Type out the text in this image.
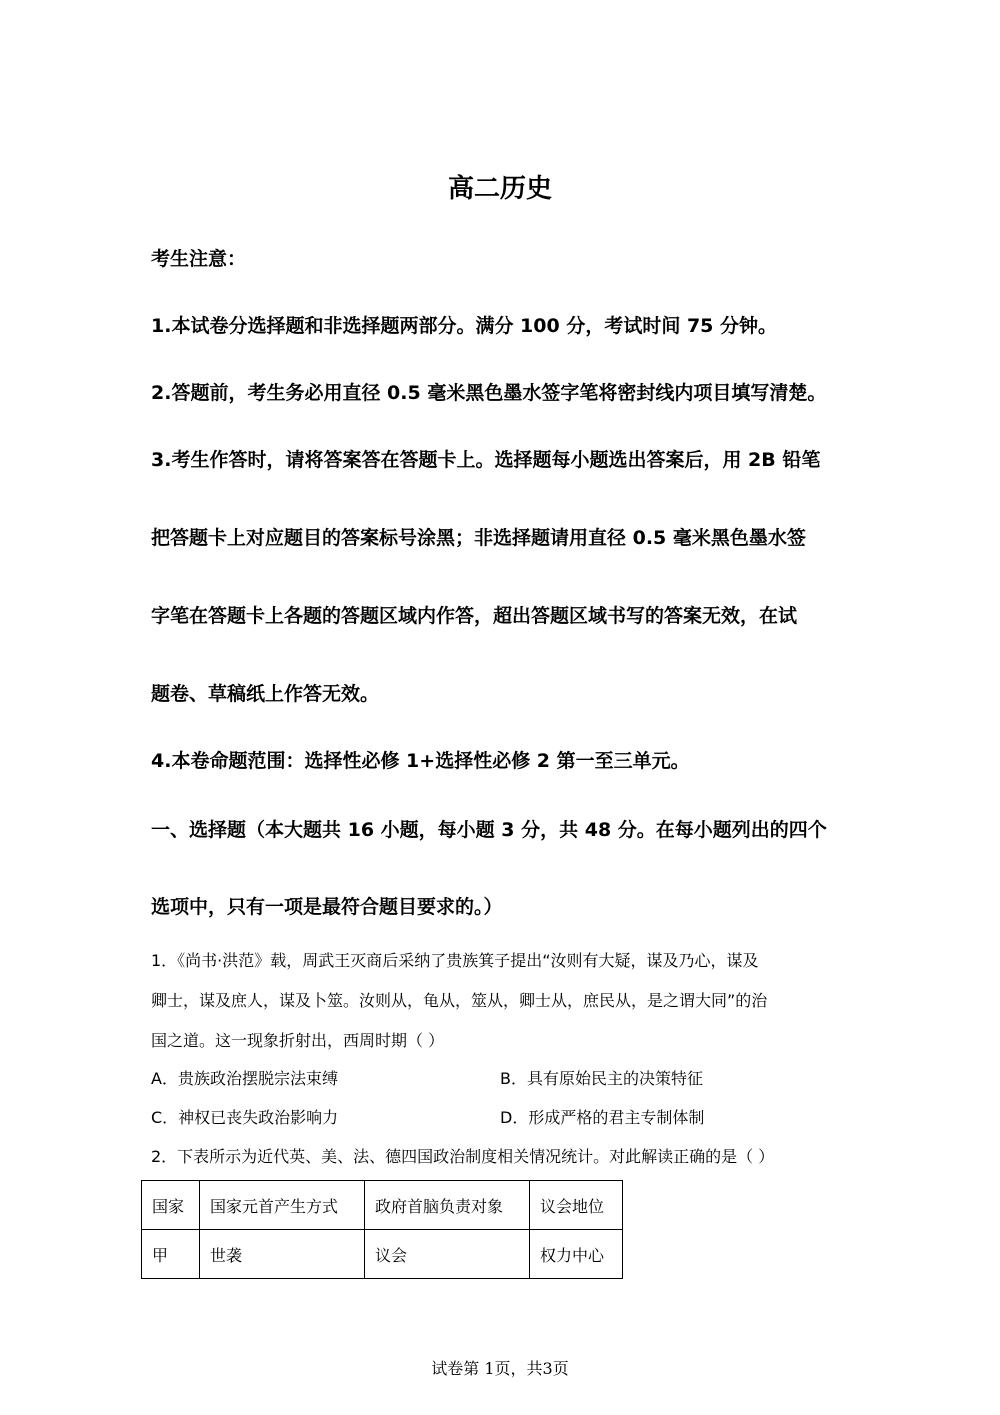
高二历史
考生注意：
1.本试卷分选择题和非选择题两部分。满分 100 分，考试时间 75 分钟。
2.答题前，考生务必用直径 0.5 毫米黑色墨水签字笔将密封线内项目填写清楚。
3.考生作答时，请将答案答在答题卡上。选择题每小题选出答案后，用 2B 铅笔
把答题卡上对应题目的答案标号涂黑；非选择题请用直径 0.5 毫米黑色墨水签
字笔在答题卡上各题的答题区域内作答，超出答题区域书写的答案无效，在试
题卷、草稿纸上作答无效。
4.本卷命题范围：选择性必修 1+选择性必修 2 第一至三单元。
一、选择题（本大题共 16 小题，每小题 3 分，共 48 分。在每小题列出的四个
选项中，只有一项是最符合题目要求的。）
1．《尚书·洪范》载，周武王灭商后采纳了贵族箕子提出“汝则有大疑，谋及乃心，谋及
卿士，谋及庶人，谋及卜筮。汝则从，龟从，筮从，卿士从，庶民从，是之谓大同”的治
国之道。这一现象折射出，西周时期（ ）
A．贵族政治摆脱宗法束缚	B．具有原始民主的决策特征
C．神权已丧失政治影响力	D．形成严格的君主专制体制
2．下表所示为近代英、美、法、德四国政治制度相关情况统计。对此解读正确的是（ ）
国家	国家元首产生方式	政府首脑负责对象	议会地位
甲	世袭	议会	权力中心
试卷第 1页，共3页
